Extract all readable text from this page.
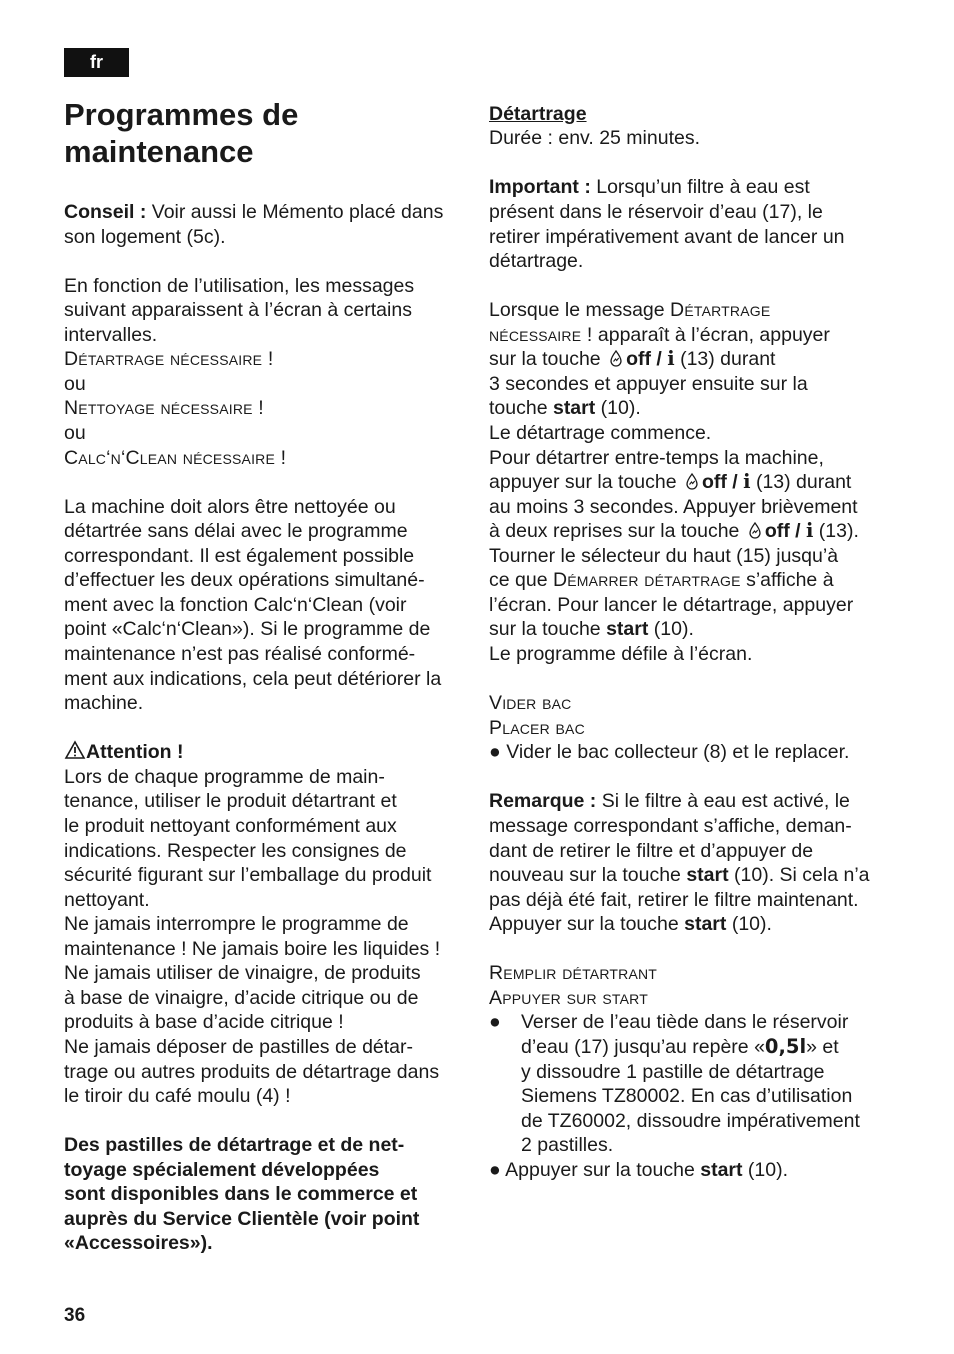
fr
Programmes de
maintenance
Conseil : Voir aussi le Mémento placé dans
son logement (5c).
En fonction de l’utilisation, les messages
suivant apparaissent à l’écran à certains
intervalles.
Détartrage nécessaire !
ou
Nettoyage nécessaire !
ou
Calc‘n‘Clean nécessaire !
La machine doit alors être nettoyée ou
détartrée sans délai avec le programme
correspondant. Il est également possible
d’effectuer les deux opérations simultané-
ment avec la fonction Calc‘n‘Clean (voir
point «Calc‘n‘Clean»). Si le programme de
maintenance n’est pas réalisé conformé-
ment aux indications, cela peut détériorer la
machine.
Attention !
Lors de chaque programme de main-
tenance, utiliser le produit détartrant et
le produit nettoyant conformément aux
indications. Respecter les consignes de
sécurité figurant sur l’emballage du produit
nettoyant.
Ne jamais interrompre le programme de
maintenance ! Ne jamais boire les liquides !
Ne jamais utiliser de vinaigre, de produits
à base de vinaigre, d’acide citrique ou de
produits à base d’acide citrique !
Ne jamais déposer de pastilles de détar-
trage ou autres produits de détartrage dans
le tiroir du café moulu (4) !
Des pastilles de détartrage et de net-
toyage spécialement développées
sont disponibles dans le commerce et
auprès du Service Clientèle (voir point
«Accessoires»).
Détartrage
Durée : env. 25 minutes.
Important : Lorsqu’un filtre à eau est
présent dans le réservoir d’eau (17), le
retirer impérativement avant de lancer un
détartrage.
Lorsque le message Détartrage
nécessaire ! apparaît à l’écran, appuyer
sur la touche off / i (13) durant
3 secondes et appuyer ensuite sur la
touche start (10).
Le détartrage commence.
Pour détartrer entre-temps la machine,
appuyer sur la touche off / i (13) durant
au moins 3 secondes. Appuyer brièvement
à deux reprises sur la touche off / i (13).
Tourner le sélecteur du haut (15) jusqu’à
ce que Démarrer détartrage s’affiche à
l’écran. Pour lancer le détartrage, appuyer
sur la touche start (10).
Le programme défile à l’écran.
Vider bac
Placer bac
● Vider le bac collecteur (8) et le replacer.
Remarque : Si le filtre à eau est activé, le
message correspondant s’affiche, deman-
dant de retirer le filtre et d’appuyer de
nouveau sur la touche start (10). Si cela n’a
pas déjà été fait, retirer le filtre maintenant.
Appuyer sur la touche start (10).
Remplir détartrant
Appuyer sur start
● Verser de l’eau tiède dans le réservoir
d’eau (17) jusqu’au repère «0,5l» et
y dissoudre 1 pastille de détartrage
Siemens TZ80002. En cas d’utilisation
de TZ60002, dissoudre impérativement
2 pastilles.
● Appuyer sur la touche start (10).
36
